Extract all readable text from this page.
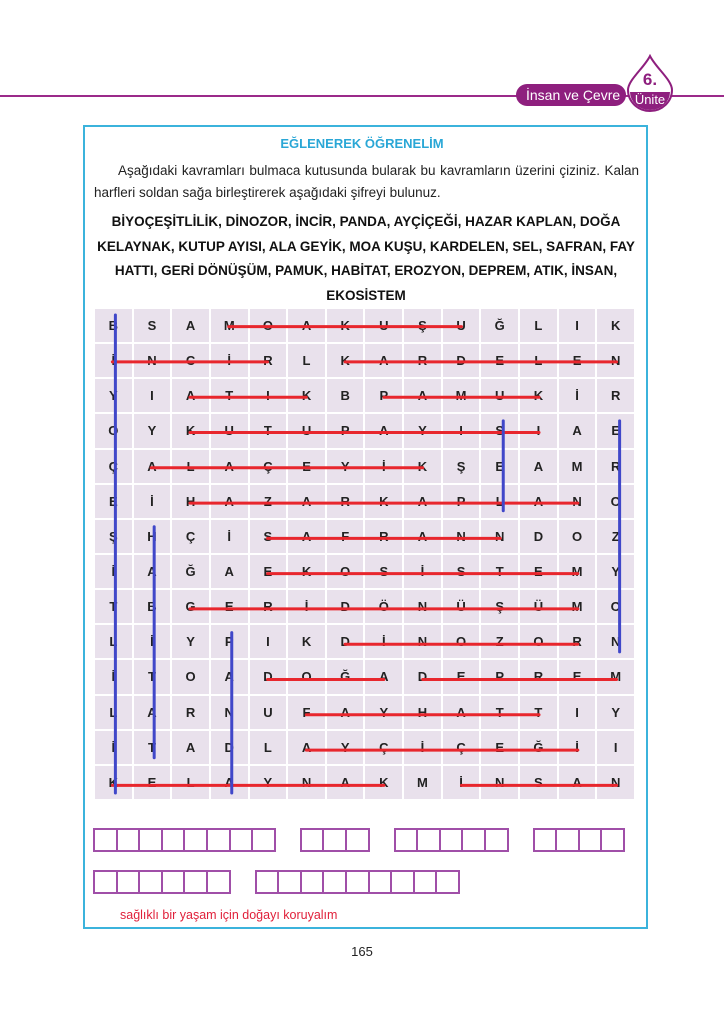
İnsan ve Çevre
6.
Ünite
EĞLENEREK ÖĞRENELİM
Aşağıdaki kavramları bulmaca kutusunda bularak bu kavramların üzerini çiziniz. Kalan harfleri soldan sağa birleştirerek aşağıdaki şifreyi bulunuz.
BİYOÇEŞİTLİLİK, DİNOZOR, İNCİR, PANDA, AYÇİÇEĞİ, HAZAR KAPLAN, DOĞA KELAYNAK, KUTUP AYISI, ALA GEYİK, MOA KUŞU, KARDELEN, SEL, SAFRAN, FAY HATTI, GERİ DÖNÜŞÜM, PAMUK, HABİTAT, EROZYON, DEPREM, ATIK, İNSAN, EKOSİSTEM
B	S	A	M	O	A	K	U	Ş	U	Ğ	L	I	K
İ	N	C	İ	R	L	K	A	R	D	E	L	E	N
Y	I	A	T	I	K	B	P	A	M	U	K	İ	R
O	Y	K	U	T	U	P	A	Y	I	S	I	A	E
Ç	A	L	A	Ç	E	Y	İ	K	Ş	E	A	M	R
E	İ	H	A	Z	A	R	K	A	P	L	A	N	O
Ş	H	Ç	İ	S	A	F	R	A	N	N	D	O	Z
İ	A	Ğ	A	E	K	O	S	İ	S	T	E	M	Y
T	B	G	E	R	İ	D	Ö	N	Ü	Ş	Ü	M	O
L	İ	Y	P	I	K	D	İ	N	O	Z	O	R	N
İ	T	O	A	D	O	Ğ	A	D	E	P	R	E	M
L	A	R	N	U	F	A	Y	H	A	T	T	I	Y
İ	T	A	D	L	A	Y	Ç	İ	Ç	E	Ğ	İ	I
K	E	L	A	Y	N	A	K	M	İ	N	S	A	N
sağlıklı bir yaşam için doğayı koruyalım
165
